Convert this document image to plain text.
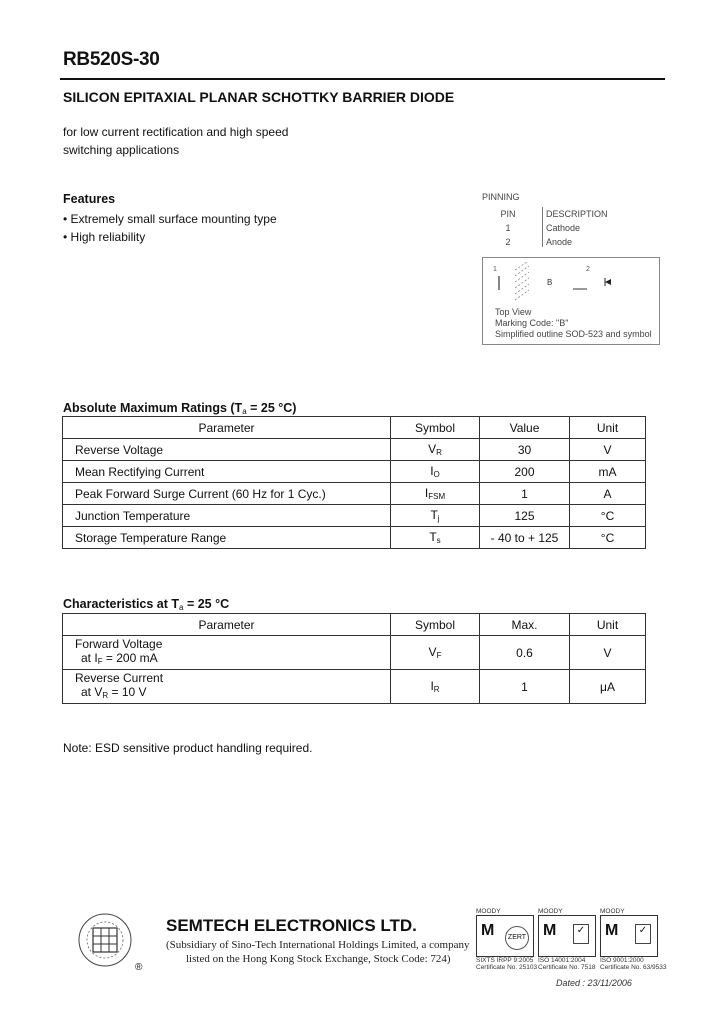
RB520S-30
SILICON EPITAXIAL PLANAR SCHOTTKY BARRIER DIODE
for low current rectification and high speed
switching applications
Features
• Extremely small surface mounting type
• High reliability
PINNING
PIN	DESCRIPTION
1	Cathode
2	Anode
1
B
2
Top View
Marking Code: "B"
Simplified outline SOD-523 and symbol
Absolute Maximum Ratings ($T_a = 25$ °C)
Parameter	Symbol	Value	Unit
Reverse Voltage	$V_R$	30	V
Mean Rectifying Current	$I_O$	200	mA
Peak Forward Surge Current (60 Hz for 1 Cyc.)	$I_{FSM}$	1	A
Junction Temperature	$T_j$	125	°C
Storage Temperature Range	$T_s$	- 40 to + 125	°C
Characteristics at $T_a = 25$ °C
Parameter	Symbol	Max.	Unit

Forward Voltage
at $I_F = 200$ mA	$V_F$	0.6	V

Reverse Current
at $V_R = 10$ V	$I_R$	1	μA
Note: ESD sensitive product handling required.
®
SEMTECH ELECTRONICS LTD.
(Subsidiary of Sino-Tech International Holdings Limited, a company
listed on the Hong Kong Stock Exchange, Stock Code: 724)
MOODY
M	ZERT
SIXTS IRPP 9:2005
Certificate No. 25103
MOODY
M	✓
ISO 14001:2004
Certificate No. 7518
MOODY
M	✓
ISO 9001:2000
Certificate No. 63/9533
Dated : 23/11/2006
